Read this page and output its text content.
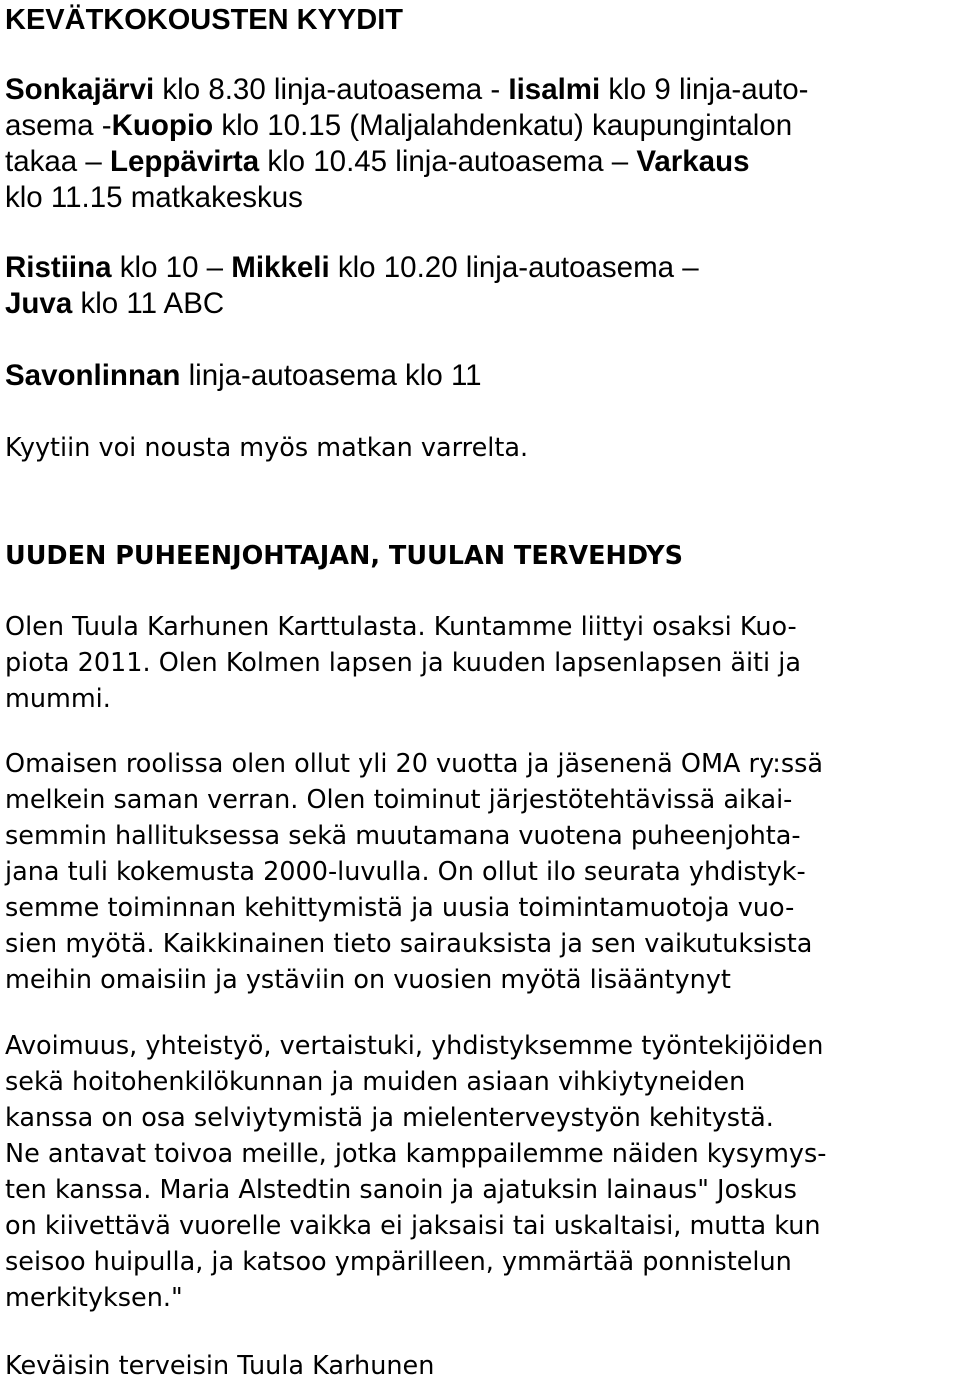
KEVÄTKOKOUSTEN KYYDIT
Sonkajärvi klo 8.30 linja-autoasema - Iisalmi klo 9 linja-auto-
asema -Kuopio klo 10.15 (Maljalahdenkatu) kaupungintalon
takaa – Leppävirta klo 10.45 linja-autoasema – Varkaus
klo 11.15 matkakeskus
Ristiina klo 10 – Mikkeli klo 10.20 linja-autoasema –
Juva klo 11 ABC
Savonlinnan linja-autoasema klo 11
Kyytiin voi nousta myös matkan varrelta.
UUDEN PUHEENJOHTAJAN, TUULAN TERVEHDYS
Olen Tuula Karhunen Karttulasta. Kuntamme liittyi osaksi Kuo-
piota 2011. Olen Kolmen lapsen ja kuuden lapsenlapsen äiti ja
mummi.
Omaisen roolissa olen ollut yli 20 vuotta ja jäsenenä OMA ry:ssä
melkein saman verran. Olen toiminut järjestötehtävissä aikai-
semmin hallituksessa sekä muutamana vuotena puheenjohta-
jana tuli kokemusta 2000-luvulla. On ollut ilo seurata yhdistyk-
semme toiminnan kehittymistä ja uusia toimintamuotoja vuo-
sien myötä. Kaikkinainen tieto sairauksista ja sen vaikutuksista
meihin omaisiin ja ystäviin on vuosien myötä lisääntynyt
Avoimuus, yhteistyö, vertaistuki, yhdistyksemme työntekijöiden
sekä hoitohenkilökunnan ja muiden asiaan vihkiytyneiden
kanssa on osa selviytymistä ja mielenterveystyön kehitystä.
Ne antavat toivoa meille, jotka kamppailemme näiden kysymys-
ten kanssa. Maria Alstedtin sanoin ja ajatuksin lainaus" Joskus
on kiivettävä vuorelle vaikka ei jaksaisi tai uskaltaisi, mutta kun
seisoo huipulla, ja katsoo ympärilleen, ymmärtää ponnistelun
merkityksen."
Keväisin terveisin Tuula Karhunen
